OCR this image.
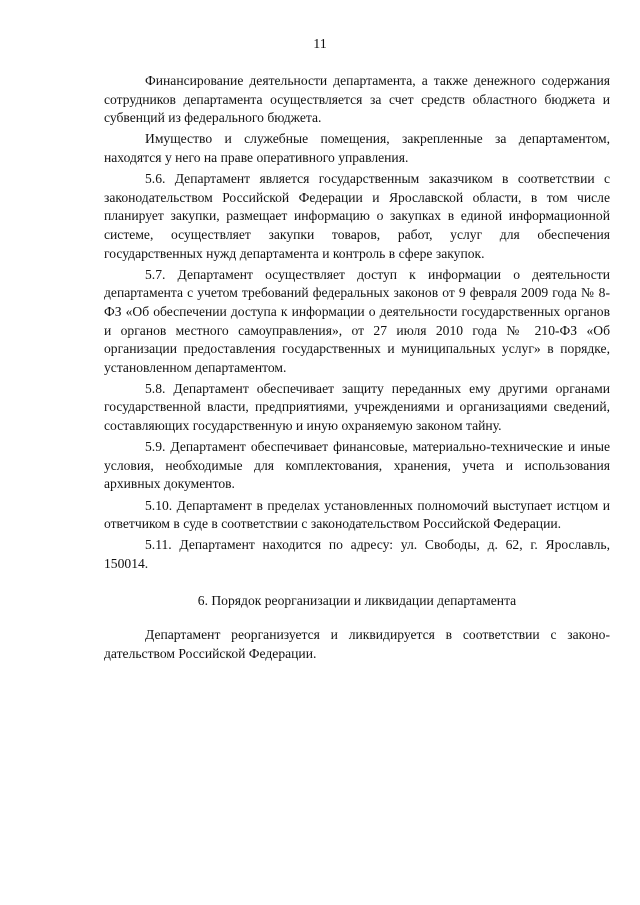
11

Финансирование деятельности департамента, а также денежного содержания сотрудников департамента осуществляется за счет средств областного бюджета и субвенций из федерального бюджета.

Имущество и служебные помещения, закрепленные за департаментом, находятся у него на праве оперативного управления.

5.6. Департамент является государственным заказчиком в соответствии с законодательством Российской Федерации и Ярославской области, в том числе планирует закупки, размещает информацию о закупках в единой информационной системе, осуществляет закупки товаров, работ, услуг для обеспечения государственных нужд департамента и контроль в сфере закупок.

5.7. Департамент осуществляет доступ к информации о деятельности департамента с учетом требований федеральных законов от 9 февраля 2009 года № 8-ФЗ «Об обеспечении доступа к информации о деятельности государственных органов и органов местного самоуправления», от 27 июля 2010 года № 210-ФЗ «Об организации предоставления государственных и муниципальных услуг» в порядке, установленном департаментом.

5.8. Департамент обеспечивает защиту переданных ему другими органами государственной власти, предприятиями, учреждениями и организациями сведений, составляющих государственную и иную охраняемую законом тайну.

5.9. Департамент обеспечивает финансовые, материально-технические и иные условия, необходимые для комплектования, хранения, учета и использования архивных документов.

5.10. Департамент в пределах установленных полномочий выступает истцом и ответчиком в суде в соответствии с законодательством Российской Федерации.

5.11. Департамент находится по адресу: ул. Свободы, д. 62, г. Ярославль, 150014.

6. Порядок реорганизации и ликвидации департамента

Департамент реорганизуется и ликвидируется в соответствии с законодательством Российской Федерации.
